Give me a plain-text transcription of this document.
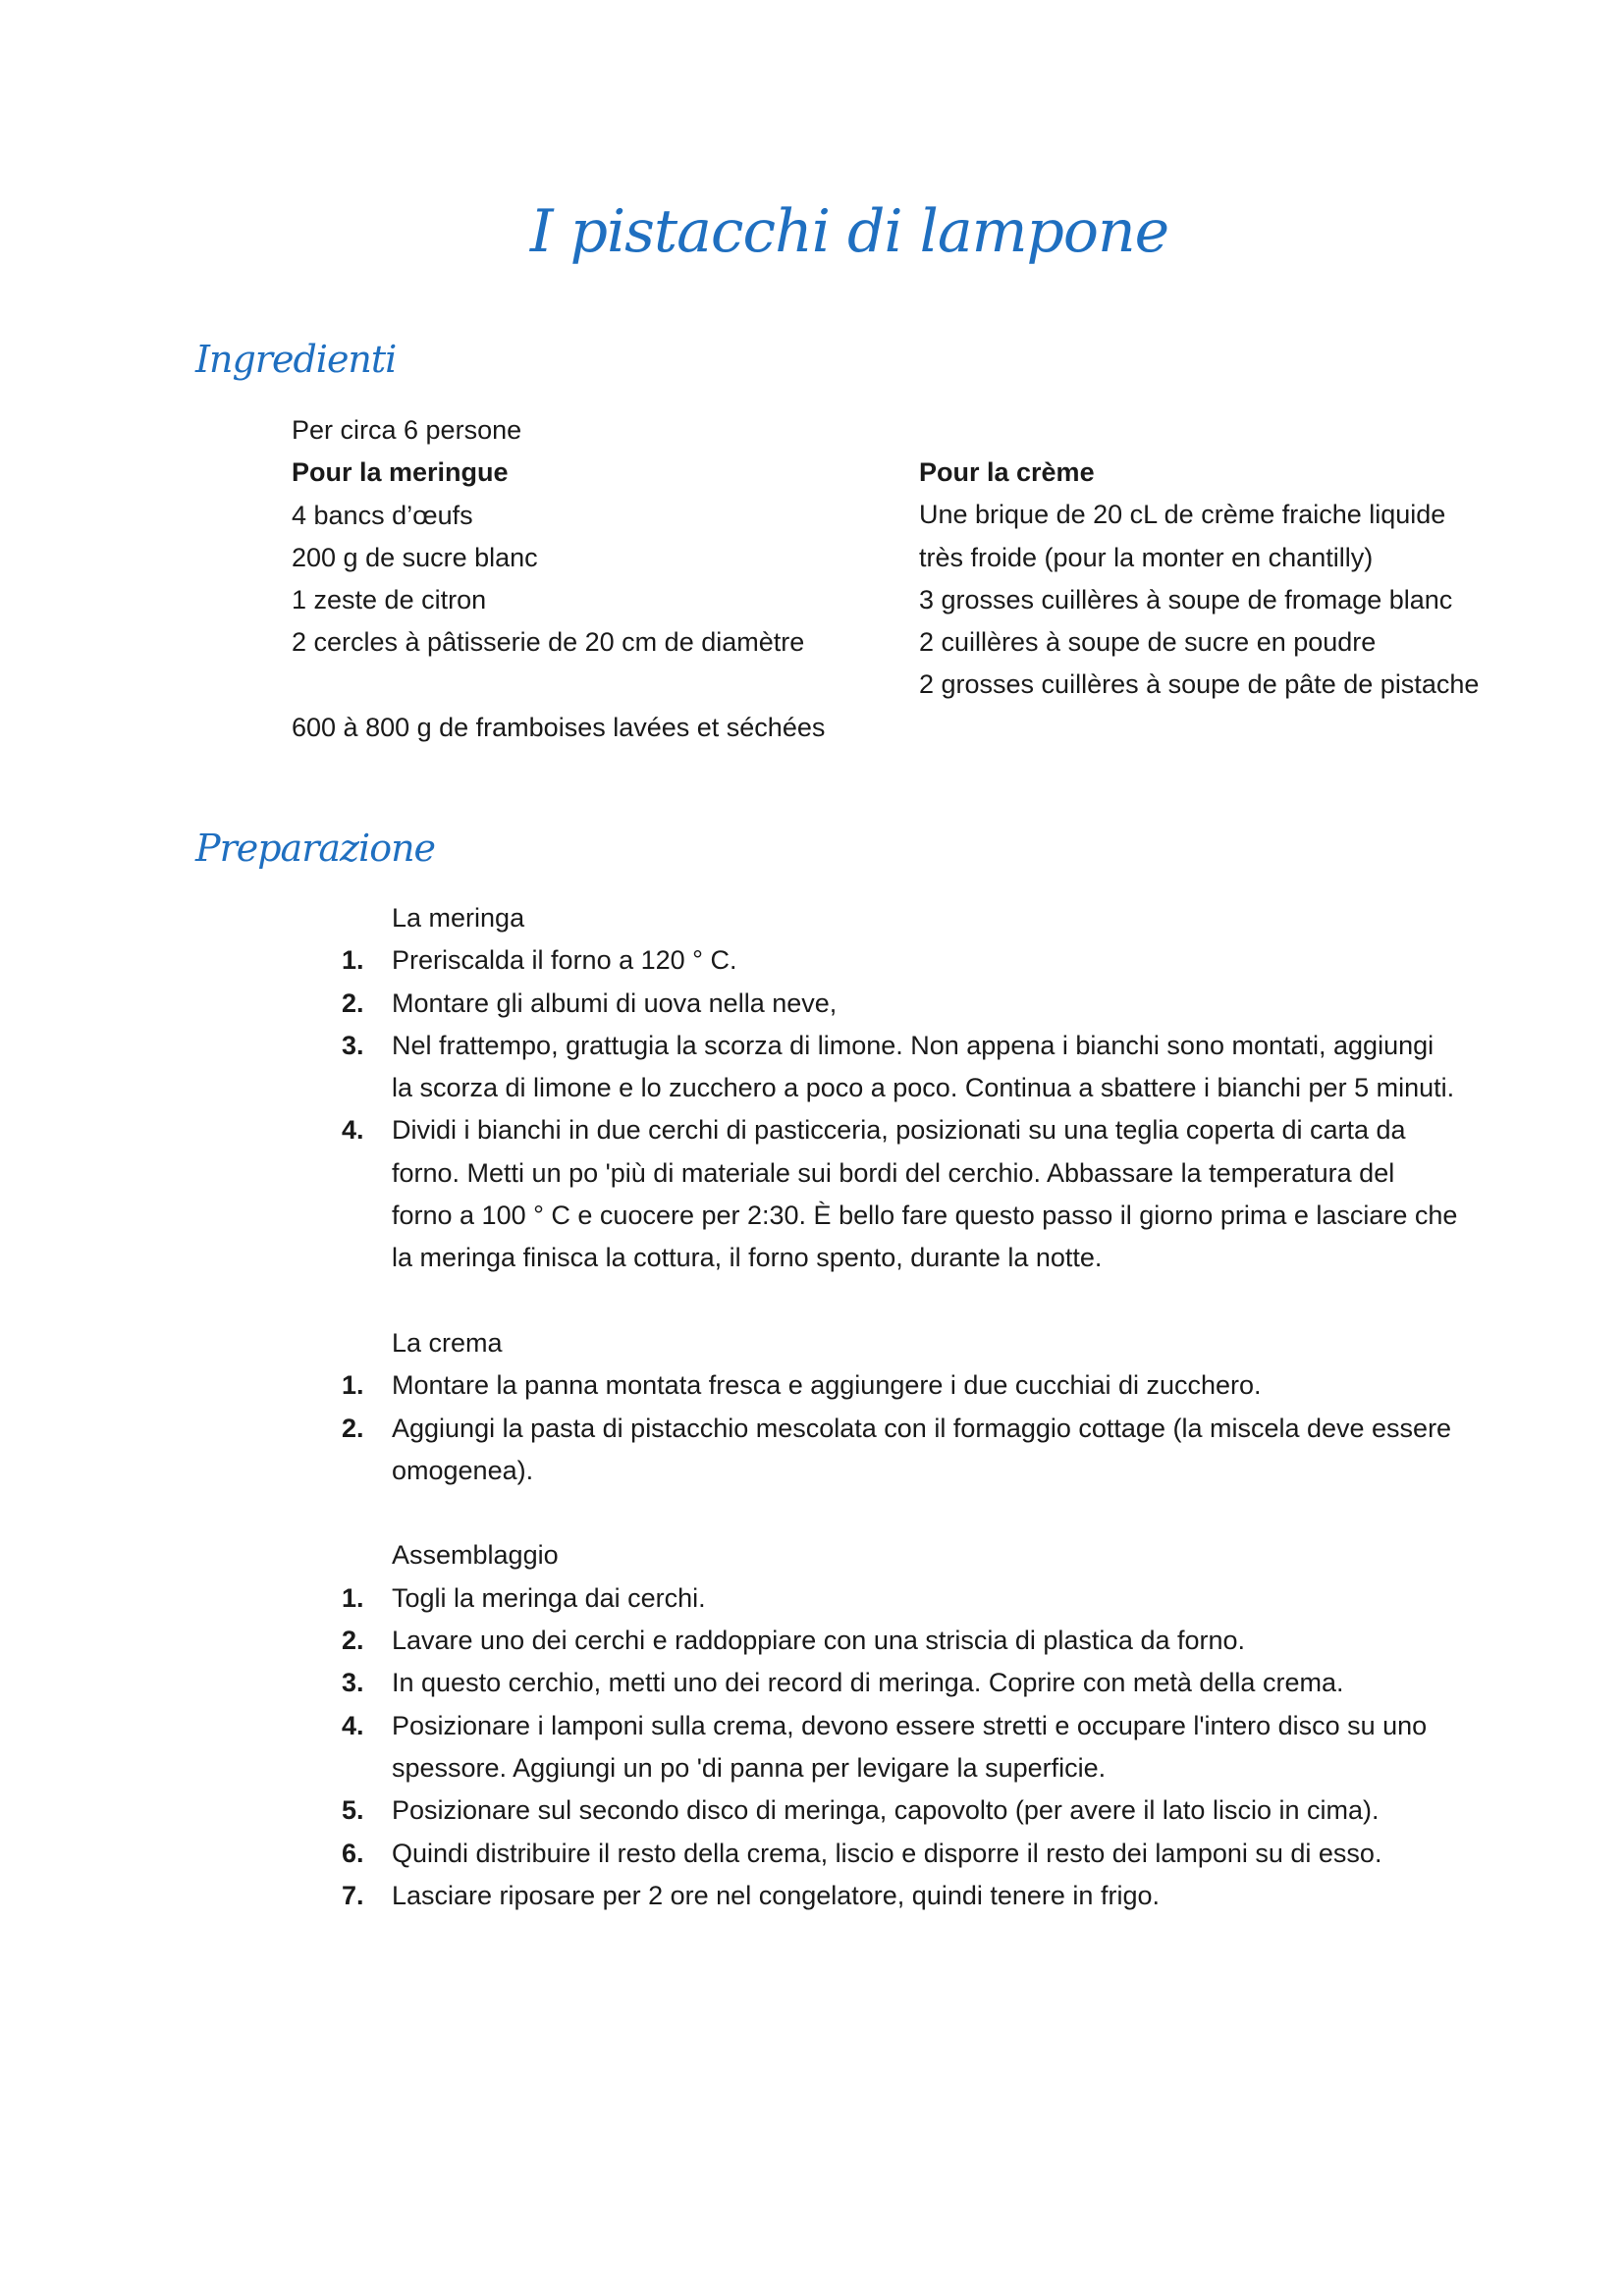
I pistacchi di lampone
Ingredienti
Per circa 6 persone
Pour la meringue
4 bancs d’œufs
200 g de sucre blanc
1 zeste de citron
2 cercles à pâtisserie de 20 cm de diamètre
600 à 800 g de framboises lavées et séchées
Pour la crème
Une brique de 20 cL de crème fraiche liquide
très froide (pour la monter en chantilly)
3 grosses cuillères à soupe de fromage blanc
2 cuillères à soupe de sucre en poudre
2 grosses cuillères à soupe de pâte de pistache
Preparazione
La meringa
1.	Preriscalda il forno a 120 ° C.
2.	Montare gli albumi di uova nella neve,
3.	Nel frattempo, grattugia la scorza di limone. Non appena i bianchi sono montati, aggiungi
la scorza di limone e lo zucchero a poco a poco. Continua a sbattere i bianchi per 5 minuti.
4.	Dividi i bianchi in due cerchi di pasticceria, posizionati su una teglia coperta di carta da
forno. Metti un po 'più di materiale sui bordi del cerchio. Abbassare la temperatura del
forno a 100 ° C e cuocere per 2:30. È bello fare questo passo il giorno prima e lasciare che
la meringa finisca la cottura, il forno spento, durante la notte.
La crema
1.	Montare la panna montata fresca e aggiungere i due cucchiai di zucchero.
2.	Aggiungi la pasta di pistacchio mescolata con il formaggio cottage (la miscela deve essere
omogenea).
Assemblaggio
1.	Togli la meringa dai cerchi.
2.	Lavare uno dei cerchi e raddoppiare con una striscia di plastica da forno.
3.	In questo cerchio, metti uno dei record di meringa. Coprire con metà della crema.
4.	Posizionare i lamponi sulla crema, devono essere stretti e occupare l'intero disco su uno
spessore. Aggiungi un po 'di panna per levigare la superficie.
5.	Posizionare sul secondo disco di meringa, capovolto (per avere il lato liscio in cima).
6.	Quindi distribuire il resto della crema, liscio e disporre il resto dei lamponi su di esso.
7.	Lasciare riposare per 2 ore nel congelatore, quindi tenere in frigo.
